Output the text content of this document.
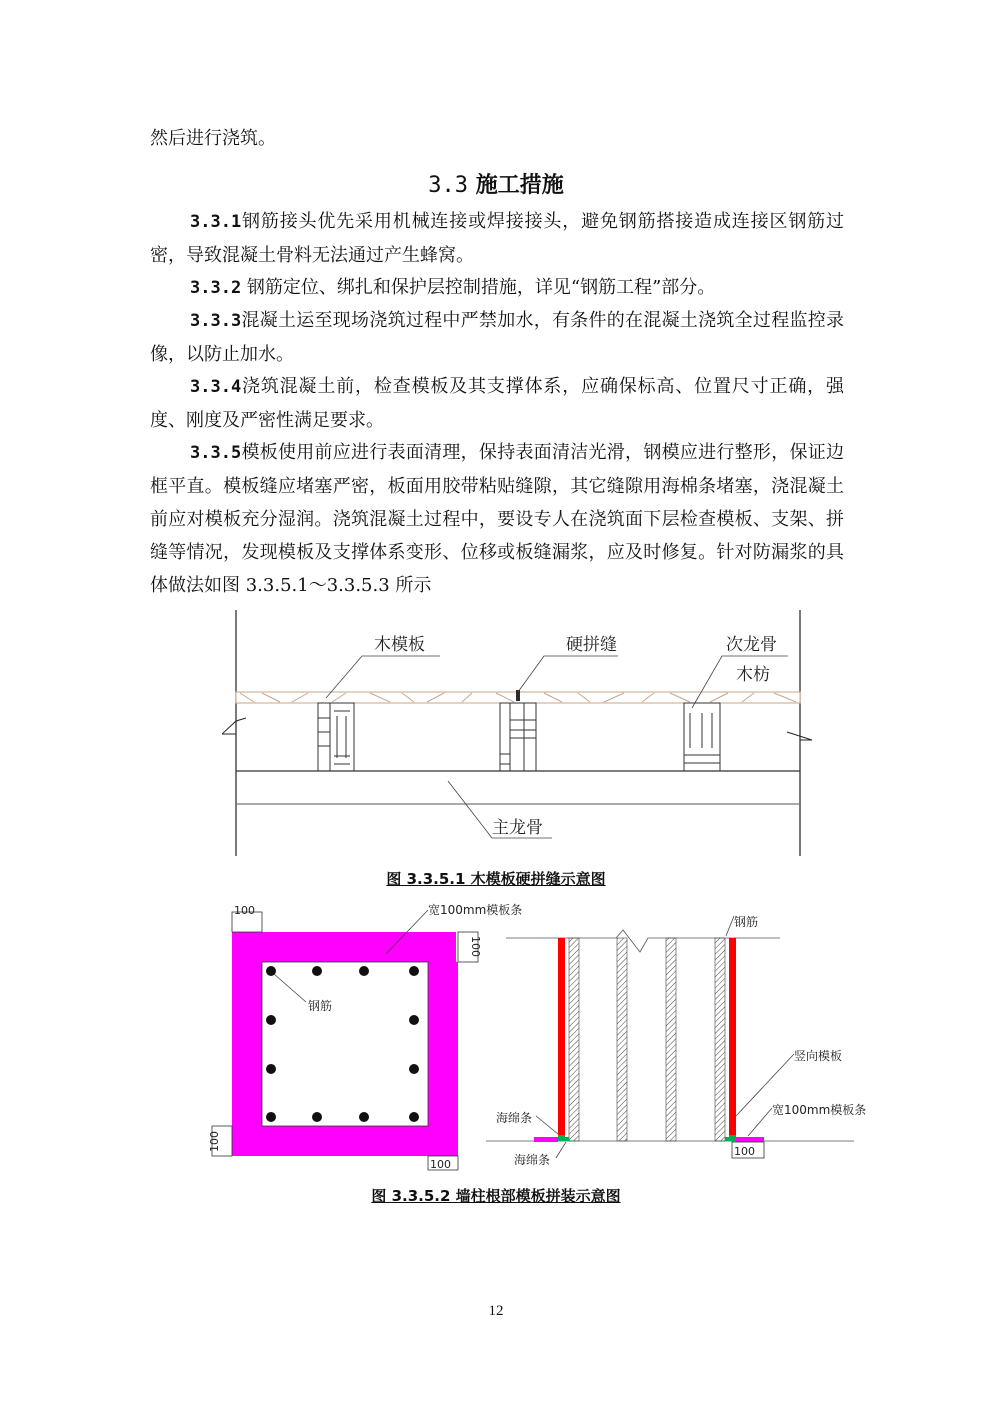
然后进行浇筑。

3.3 施工措施

3.3.1钢筋接头优先采用机械连接或焊接接头，避免钢筋搭接造成连接区钢筋过密，导致混凝土骨料无法通过产生蜂窝。

3.3.2 钢筋定位、绑扎和保护层控制措施，详见“钢筋工程”部分。

3.3.3混凝土运至现场浇筑过程中严禁加水，有条件的在混凝土浇筑全过程监控录像，以防止加水。

3.3.4浇筑混凝土前，检查模板及其支撑体系，应确保标高、位置尺寸正确，强度、刚度及严密性满足要求。

3.3.5模板使用前应进行表面清理，保持表面清洁光滑，钢模应进行整形，保证边框平直。模板缝应堵塞严密，板面用胶带粘贴缝隙，其它缝隙用海棉条堵塞，浇混凝土前应对模板充分湿润。浇筑混凝土过程中，要设专人在浇筑面下层检查模板、支架、拼缝等情况，发现模板及支撑体系变形、位移或板缝漏浆，应及时修复。针对防漏浆的具体做法如图 3.3.5.1～3.3.5.3 所示

木模板	硬拼缝	次龙骨
木枋
主龙骨
图 3.3.5.1 木模板硬拼缝示意图
100
100
100
100
钢筋
宽100mm模板条
100
钢筋
竖向模板
宽100mm模板条
海绵条
海绵条
图 3.3.5.2 墙柱根部模板拼装示意图
12
